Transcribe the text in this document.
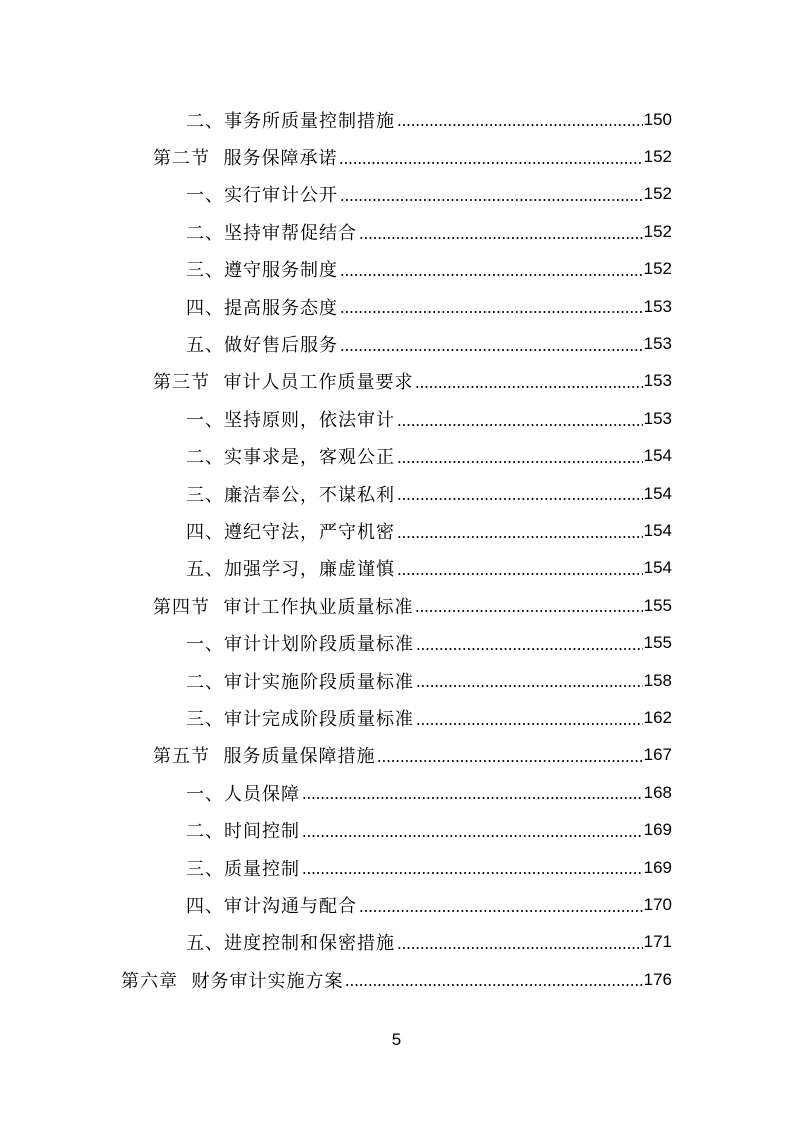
二、事务所质量控制措施	150
第二节  服务保障承诺	152
一、实行审计公开	152
二、坚持审帮促结合	152
三、遵守服务制度	152
四、提高服务态度	153
五、做好售后服务	153
第三节  审计人员工作质量要求	153
一、坚持原则，依法审计	153
二、实事求是，客观公正	154
三、廉洁奉公，不谋私利	154
四、遵纪守法，严守机密	154
五、加强学习，廉虚谨慎	154
第四节  审计工作执业质量标准	155
一、审计计划阶段质量标准	155
二、审计实施阶段质量标准	158
三、审计完成阶段质量标准	162
第五节  服务质量保障措施	167
一、人员保障	168
二、时间控制	169
三、质量控制	169
四、审计沟通与配合	170
五、进度控制和保密措施	171
第六章  财务审计实施方案	176
5
